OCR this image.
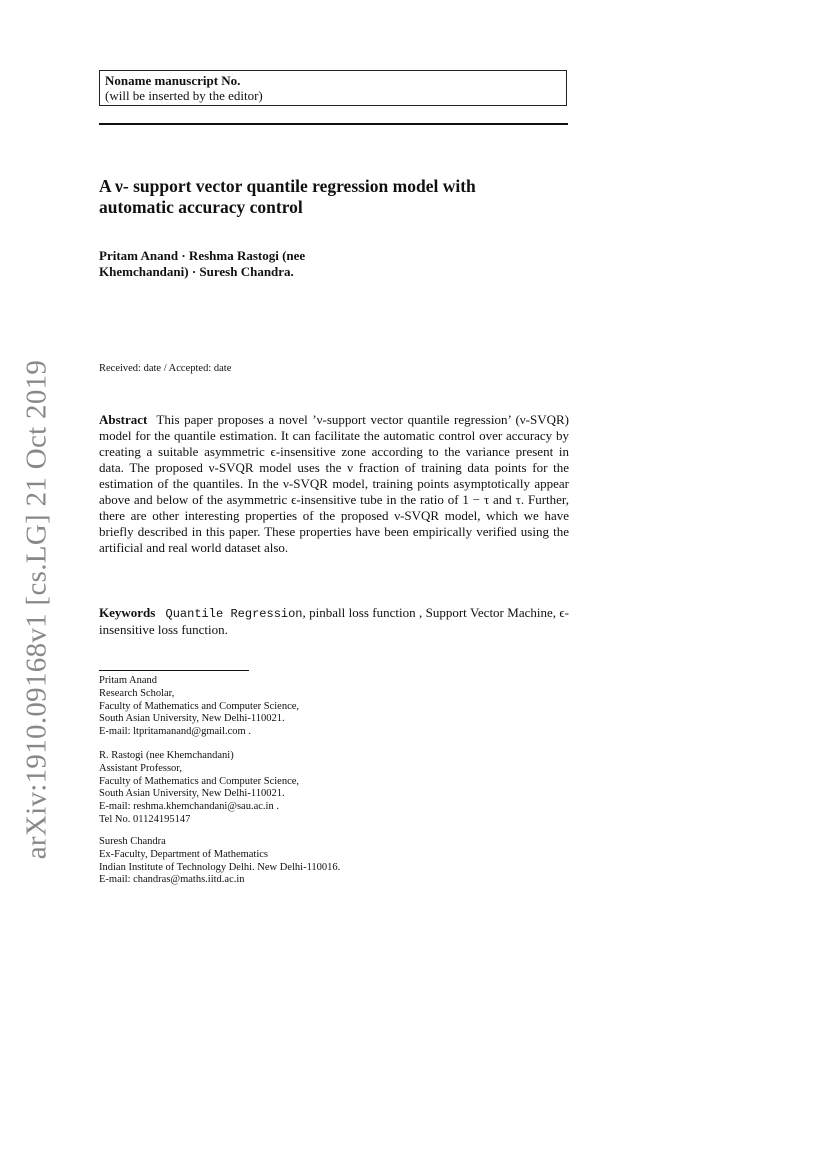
arXiv:1910.09168v1 [cs.LG] 21 Oct 2019
Noname manuscript No.
(will be inserted by the editor)
A ν- support vector quantile regression model with
automatic accuracy control
Pritam Anand · Reshma Rastogi (nee
Khemchandani) · Suresh Chandra.
Received: date / Accepted: date
Abstract This paper proposes a novel ’ν-support vector quantile regression’ (ν-SVQR) model for the quantile estimation. It can facilitate the automatic control over accuracy by creating a suitable asymmetric ϵ-insensitive zone according to the variance present in data. The proposed ν-SVQR model uses the ν fraction of training data points for the estimation of the quantiles. In the ν-SVQR model, training points asymptotically appear above and below of the asymmetric ϵ-insensitive tube in the ratio of 1 − τ and τ. Further, there are other interesting properties of the proposed ν-SVQR model, which we have briefly described in this paper. These properties have been empirically verified using the artificial and real world dataset also.
Keywords Quantile Regression, pinball loss function , Support Vector Machine, ϵ-insensitive loss function.
Pritam Anand
Research Scholar,
Faculty of Mathematics and Computer Science,
South Asian University, New Delhi-110021.
E-mail: ltpritamanand@gmail.com .
R. Rastogi (nee Khemchandani)
Assistant Professor,
Faculty of Mathematics and Computer Science,
South Asian University, New Delhi-110021.
E-mail: reshma.khemchandani@sau.ac.in .
Tel No. 01124195147
Suresh Chandra
Ex-Faculty, Department of Mathematics
Indian Institute of Technology Delhi. New Delhi-110016.
E-mail: chandras@maths.iitd.ac.in
